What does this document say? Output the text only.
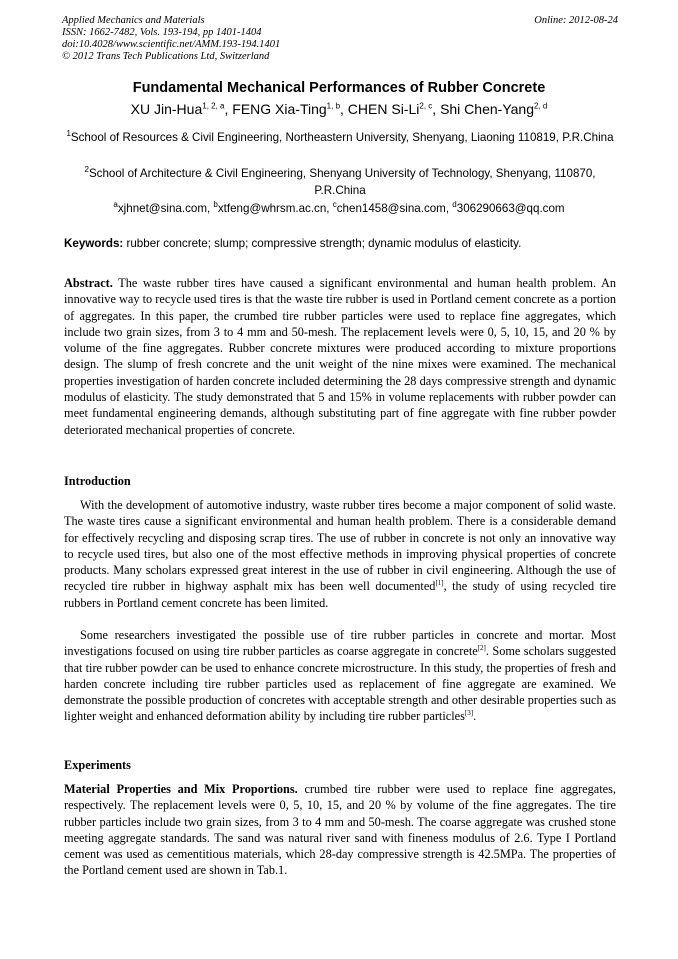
Applied Mechanics and Materials
ISSN: 1662-7482, Vols. 193-194, pp 1401-1404
doi:10.4028/www.scientific.net/AMM.193-194.1401
© 2012 Trans Tech Publications Ltd, Switzerland
Online: 2012-08-24
Fundamental Mechanical Performances of Rubber Concrete
XU Jin-Hua$^{1, 2, a}$, FENG Xia-Ting$^{1, b}$, CHEN Si-Li$^{2, c}$, Shi Chen-Yang$^{2, d}$
$^1$School of Resources & Civil Engineering, Northeastern University, Shenyang, Liaoning 110819, P.R.China
$^2$School of Architecture & Civil Engineering, Shenyang University of Technology, Shenyang, 110870, P.R.China
$^a$xjhnet@sina.com, $^b$xtfeng@whrsm.ac.cn, $^c$chen1458@sina.com, $^d$306290663@qq.com
Keywords: rubber concrete; slump; compressive strength; dynamic modulus of elasticity.
Abstract. The waste rubber tires have caused a significant environmental and human health problem. An innovative way to recycle used tires is that the waste tire rubber is used in Portland cement concrete as a portion of aggregates. In this paper, the crumbed tire rubber particles were used to replace fine aggregates, which include two grain sizes, from 3 to 4 mm and 50-mesh. The replacement levels were 0, 5, 10, 15, and 20 % by volume of the fine aggregates. Rubber concrete mixtures were produced according to mixture proportions design. The slump of fresh concrete and the unit weight of the nine mixes were examined. The mechanical properties investigation of harden concrete included determining the 28 days compressive strength and dynamic modulus of elasticity. The study demonstrated that 5 and 15% in volume replacements with rubber powder can meet fundamental engineering demands, although substituting part of fine aggregate with fine rubber powder deteriorated mechanical properties of concrete.
Introduction
With the development of automotive industry, waste rubber tires become a major component of solid waste. The waste tires cause a significant environmental and human health problem. There is a considerable demand for effectively recycling and disposing scrap tires. The use of rubber in concrete is not only an innovative way to recycle used tires, but also one of the most effective methods in improving physical properties of concrete products. Many scholars expressed great interest in the use of rubber in civil engineering. Although the use of recycled tire rubber in highway asphalt mix has been well documented[1], the study of using recycled tire rubbers in Portland cement concrete has been limited.
Some researchers investigated the possible use of tire rubber particles in concrete and mortar. Most investigations focused on using tire rubber particles as coarse aggregate in concrete[2]. Some scholars suggested that tire rubber powder can be used to enhance concrete microstructure. In this study, the properties of fresh and harden concrete including tire rubber particles used as replacement of fine aggregate are examined. We demonstrate the possible production of concretes with acceptable strength and other desirable properties such as lighter weight and enhanced deformation ability by including tire rubber particles[3].
Experiments
Material Properties and Mix Proportions. crumbed tire rubber were used to replace fine aggregates, respectively. The replacement levels were 0, 5, 10, 15, and 20 % by volume of the fine aggregates. The tire rubber particles include two grain sizes, from 3 to 4 mm and 50-mesh. The coarse aggregate was crushed stone meeting aggregate standards. The sand was natural river sand with fineness modulus of 2.6. Type I Portland cement was used as cementitious materials, which 28-day compressive strength is 42.5MPa. The properties of the Portland cement used are shown in Tab.1.
